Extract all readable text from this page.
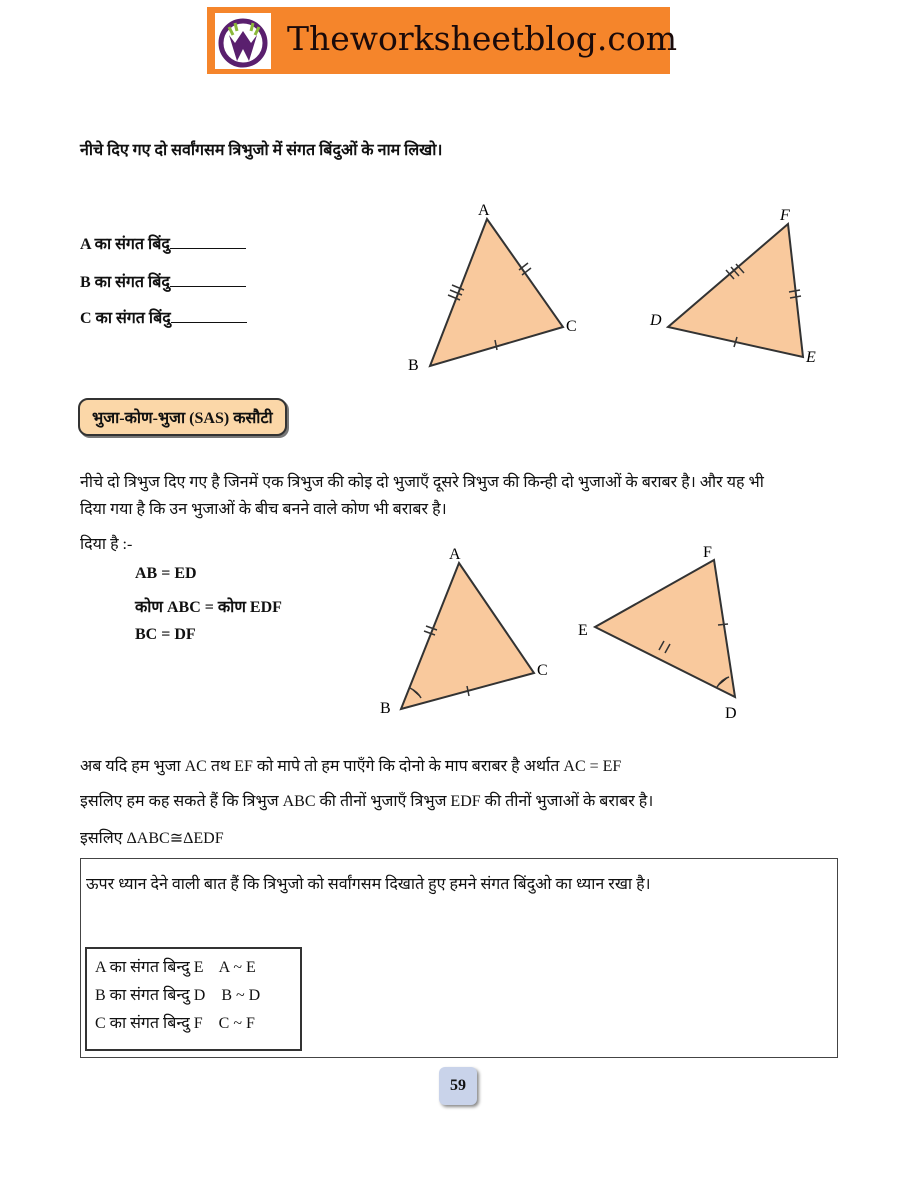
Theworksheetblog.com
नीचे दिए गए दो सर्वांगसम त्रिभुजो में संगत बिंदुओं के नाम लिखो।
A का संगत बिंदु
B का संगत बिंदु
C का संगत बिंदु
A
B
C	D
E
F
A
B
C
D
E
F
भुजा-कोण-भुजा (SAS) कसौटी
नीचे दो त्रिभुज दिए गए है जिनमें एक त्रिभुज की कोइ दो भुजाएँ दूसरे त्रिभुज की किन्ही दो भुजाओं के बराबर है। और यह भी
दिया गया है कि उन भुजाओं के बीच बनने वाले कोण भी बराबर है।
दिया है :-
AB = ED
कोण ABC = कोण EDF
BC = DF
अब यदि हम भुजा AC तथ EF को मापे तो हम पाएँगे कि दोनो के माप बराबर है अर्थात AC = EF
इसलिए हम कह सकते हैं कि त्रिभुज ABC की तीनों भुजाएँ त्रिभुज EDF की तीनों भुजाओं के बराबर है।
इसलिए ΔABC≅ΔEDF
ऊपर ध्यान देने वाली बात हैं कि त्रिभुजो को सर्वांगसम दिखाते हुए हमने संगत बिंदुओ का ध्यान रखा है।
A का संगत बिन्दु E    A ~ E
B का संगत बिन्दु D    B ~ D
C का संगत बिन्दु F    C ~ F
59
